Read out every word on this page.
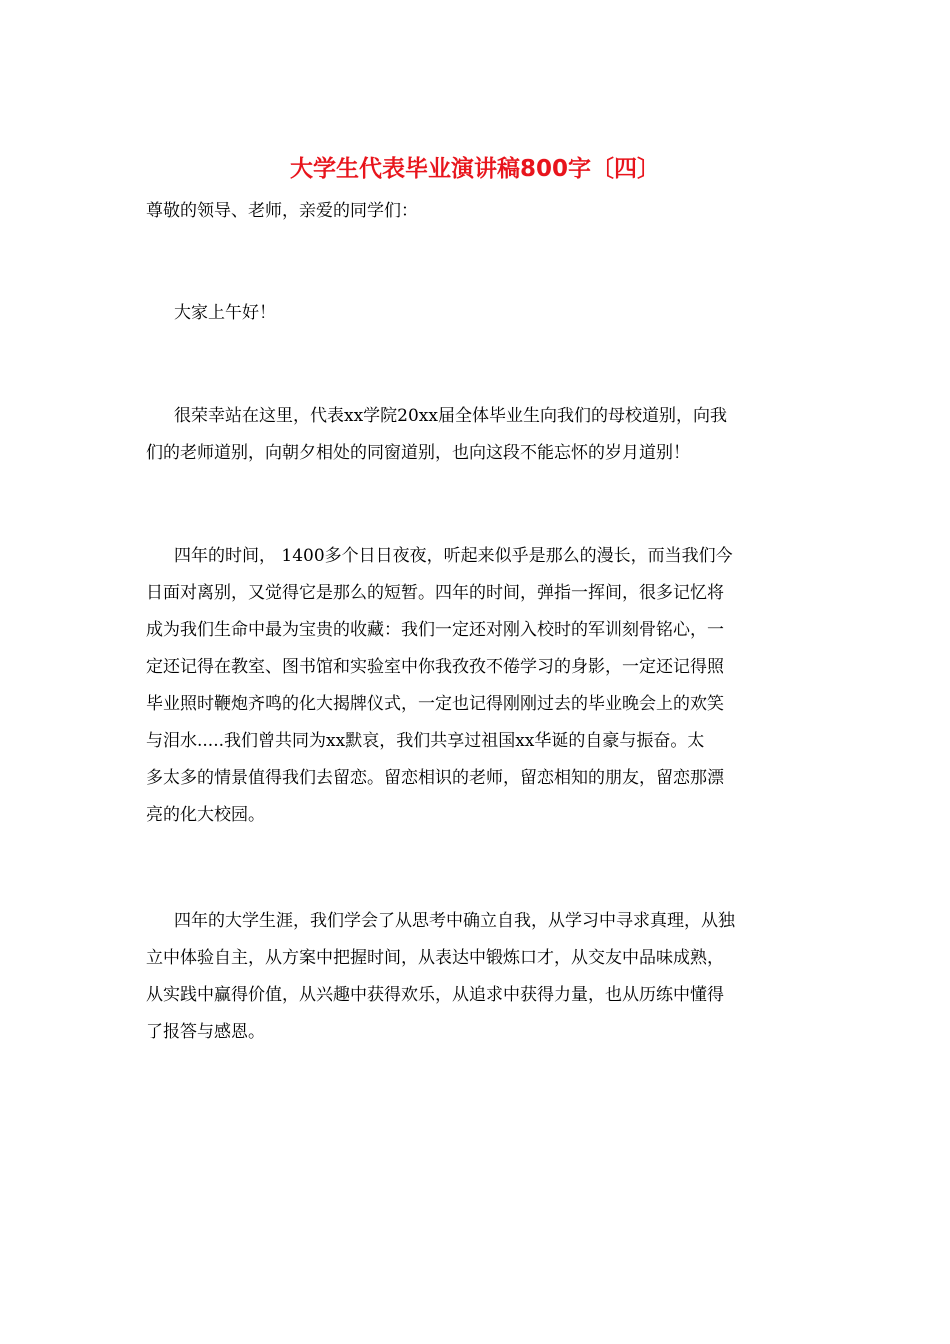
大学生代表毕业演讲稿800字〔四〕

尊敬的领导、老师，亲爱的同学们：

大家上午好！

很荣幸站在这里，代表xx学院20xx届全体毕业生向我们的母校道别，向我
们的老师道别，向朝夕相处的同窗道别，也向这段不能忘怀的岁月道别！

四年的时间， 1400多个日日夜夜，听起来似乎是那么的漫长，而当我们今
日面对离别，又觉得它是那么的短暂。四年的时间，弹指一挥间，很多记忆将
成为我们生命中最为宝贵的收藏：我们一定还对刚入校时的军训刻骨铭心，一
定还记得在教室、图书馆和实验室中你我孜孜不倦学习的身影，一定还记得照
毕业照时鞭炮齐鸣的化大揭牌仪式，一定也记得刚刚过去的毕业晚会上的欢笑
与泪水.....我们曾共同为xx默哀，我们共享过祖国xx华诞的自豪与振奋。太
多太多的情景值得我们去留恋。留恋相识的老师，留恋相知的朋友，留恋那漂
亮的化大校园。

四年的大学生涯，我们学会了从思考中确立自我，从学习中寻求真理，从独
立中体验自主，从方案中把握时间，从表达中锻炼口才，从交友中品味成熟，
从实践中赢得价值，从兴趣中获得欢乐，从追求中获得力量，也从历练中懂得
了报答与感恩。
